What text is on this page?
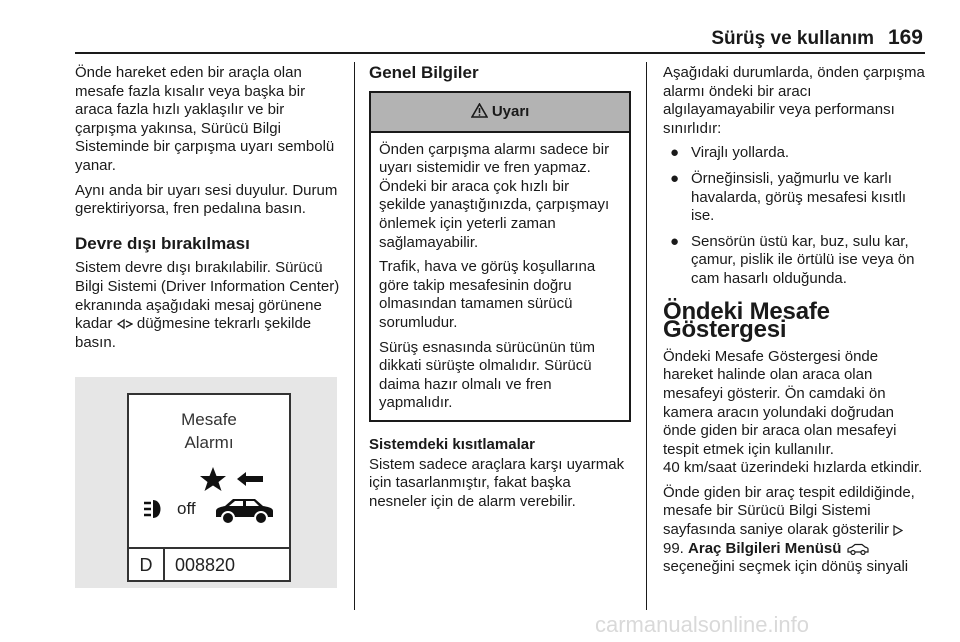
Sürüş ve kullanım 169

Önde hareket eden bir araçla olan mesafe fazla kısalır veya başka bir araca fazla hızlı yaklaşılır ve bir çarpışma yakınsa, Sürücü Bilgi Sisteminde bir çarpışma uyarı sembolü yanar.

Aynı anda bir uyarı sesi duyulur. Durum gerektiriyorsa, fren pedalına basın.

Devre dışı bırakılması

Sistem devre dışı bırakılabilir. Sürücü Bilgi Sistemi (Driver Information Center) ekranında aşağıdaki mesaj görünene kadar düğmesine tekrarlı şekilde basın.

Mesafe
Alarmı
off
D	008820
Genel Bilgiler
Uyarı

Önden çarpışma alarmı sadece bir uyarı sistemidir ve fren yapmaz. Öndeki bir araca çok hızlı bir şekilde yanaştığınızda, çarpışmayı önlemek için yeterli zaman sağlamayabilir.

Trafik, hava ve görüş koşullarına göre takip mesafesinin doğru olmasından tamamen sürücü sorumludur.

Sürüş esnasında sürücünün tüm dikkati sürüşte olmalıdır. Sürücü daima hazır olmalı ve fren yapmalıdır.

Sistemdeki kısıtlamalar

Sistem sadece araçlara karşı uyarmak için tasarlanmıştır, fakat başka nesneler için de alarm verebilir.

Aşağıdaki durumlarda, önden çarpışma alarmı öndeki bir aracı algılayamayabilir veya performansı sınırlıdır:

● Virajlı yollarda.
● Örneğinsisli, yağmurlu ve karlı havalarda, görüş mesafesi kısıtlı ise.
● Sensörün üstü kar, buz, sulu kar, çamur, pislik ile örtülü ise veya ön cam hasarlı olduğunda.
Öndeki Mesafe Göstergesi

Öndeki Mesafe Göstergesi önde hareket halinde olan araca olan mesafeyi gösterir. Ön camdaki ön kamera aracın yolundaki doğrudan önde giden bir araca olan mesafeyi tespit etmek için kullanılır.

40 km/saat üzerindeki hızlarda etkindir.

Önde giden bir araç tespit edildiğinde, mesafe bir Sürücü Bilgi Sistemi sayfasında saniye olarak gösterilir  99. Araç Bilgileri Menüsü  seçeneğini seçmek için dönüş sinyali

carmanualsonline.info
